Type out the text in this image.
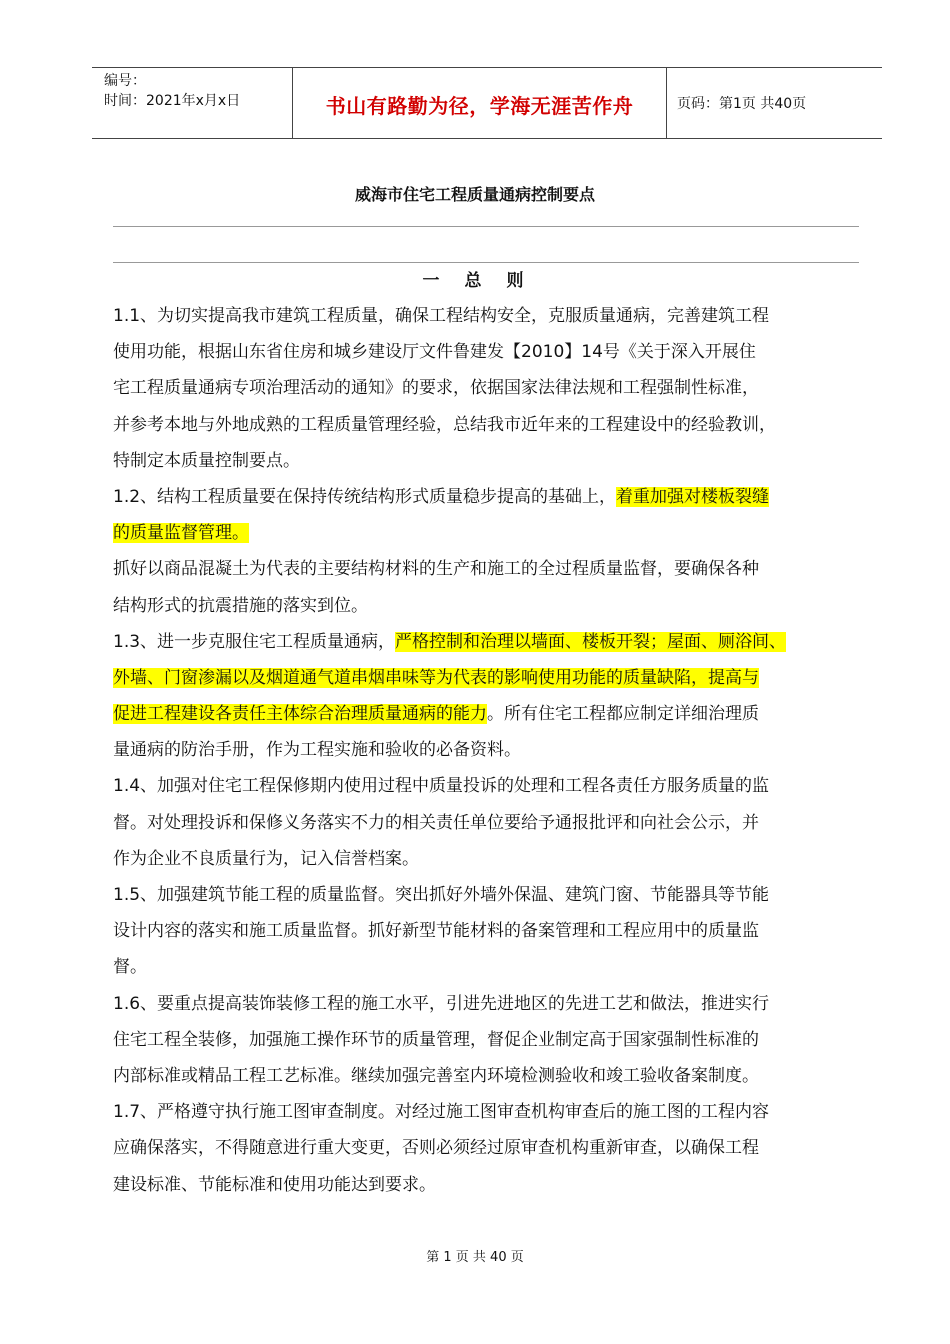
编号：
时间：2021年x月x日	书山有路勤为径，学海无涯苦作舟	页码：第1页 共40页
威海市住宅工程质量通病控制要点
一　总　则
1.1、为切实提高我市建筑工程质量，确保工程结构安全，克服质量通病，完善建筑工程
使用功能，根据山东省住房和城乡建设厅文件鲁建发【2010】14号《关于深入开展住
宅工程质量通病专项治理活动的通知》的要求，依据国家法律法规和工程强制性标准，
并参考本地与外地成熟的工程质量管理经验，总结我市近年来的工程建设中的经验教训，
特制定本质量控制要点。
1.2、结构工程质量要在保持传统结构形式质量稳步提高的基础上，着重加强对楼板裂缝
的质量监督管理。
抓好以商品混凝土为代表的主要结构材料的生产和施工的全过程质量监督，要确保各种
结构形式的抗震措施的落实到位。
1.3、进一步克服住宅工程质量通病，严格控制和治理以墙面、楼板开裂；屋面、厕浴间、
外墙、门窗渗漏以及烟道通气道串烟串味等为代表的影响使用功能的质量缺陷，提高与
促进工程建设各责任主体综合治理质量通病的能力。所有住宅工程都应制定详细治理质
量通病的防治手册，作为工程实施和验收的必备资料。
1.4、加强对住宅工程保修期内使用过程中质量投诉的处理和工程各责任方服务质量的监
督。对处理投诉和保修义务落实不力的相关责任单位要给予通报批评和向社会公示，并
作为企业不良质量行为，记入信誉档案。
1.5、加强建筑节能工程的质量监督。突出抓好外墙外保温、建筑门窗、节能器具等节能
设计内容的落实和施工质量监督。抓好新型节能材料的备案管理和工程应用中的质量监
督。
1.6、要重点提高装饰装修工程的施工水平，引进先进地区的先进工艺和做法，推进实行
住宅工程全装修，加强施工操作环节的质量管理，督促企业制定高于国家强制性标准的
内部标准或精品工程工艺标准。继续加强完善室内环境检测验收和竣工验收备案制度。
1.7、严格遵守执行施工图审查制度。对经过施工图审查机构审查后的施工图的工程内容
应确保落实，不得随意进行重大变更，否则必须经过原审查机构重新审查，以确保工程
建设标准、节能标准和使用功能达到要求。
第 1 页 共 40 页
